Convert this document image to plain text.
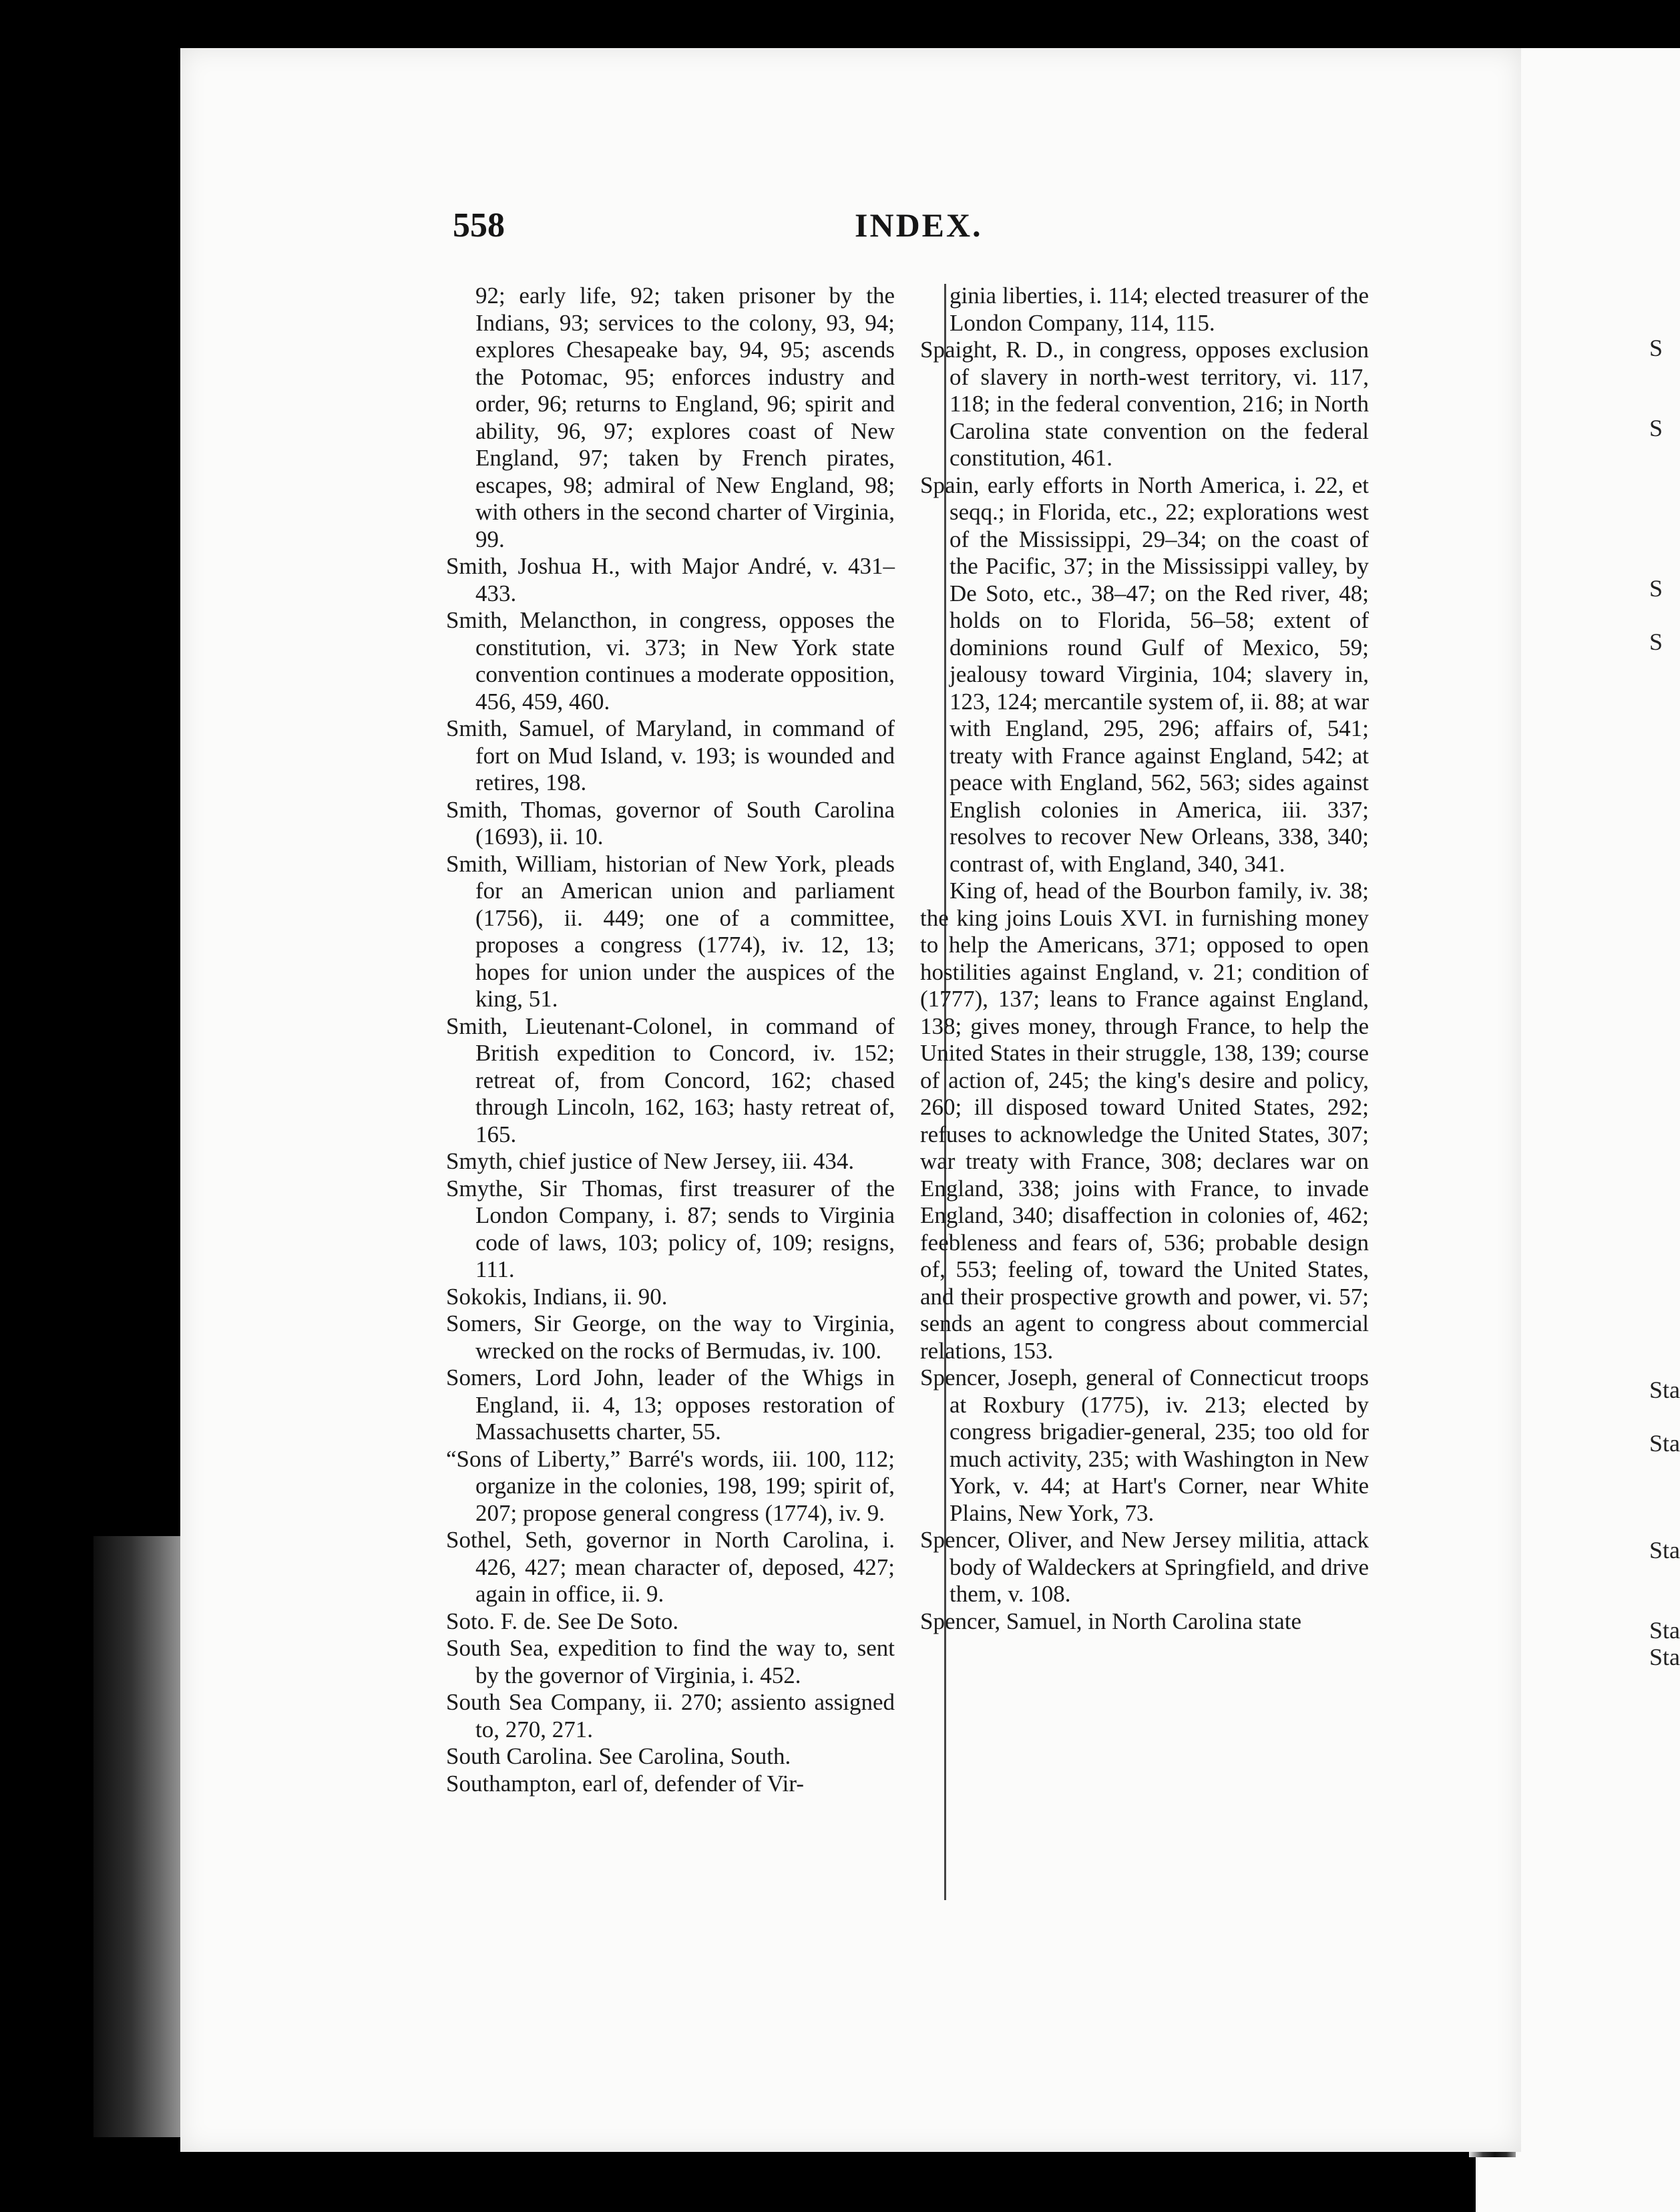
558	INDEX.

92; early life, 92; taken prisoner by the Indians, 93; services to the colony, 93, 94; explores Chesapeake bay, 94, 95; ascends the Potomac, 95; enforces industry and order, 96; returns to England, 96; spirit and ability, 96, 97; explores coast of New England, 97; taken by French pirates, escapes, 98; admiral of New England, 98; with others in the second charter of Virginia, 99.

Smith, Joshua H., with Major André, v. 431–433.

Smith, Melancthon, in congress, opposes the constitution, vi. 373; in New York state convention continues a moderate opposition, 456, 459, 460.

Smith, Samuel, of Maryland, in command of fort on Mud Island, v. 193; is wounded and retires, 198.

Smith, Thomas, governor of South Carolina (1693), ii. 10.

Smith, William, historian of New York, pleads for an American union and parliament (1756), ii. 449; one of a committee, proposes a congress (1774), iv. 12, 13; hopes for union under the auspices of the king, 51.

Smith, Lieutenant-Colonel, in command of British expedition to Concord, iv. 152; retreat of, from Concord, 162; chased through Lincoln, 162, 163; hasty retreat of, 165.

Smyth, chief justice of New Jersey, iii. 434.

Smythe, Sir Thomas, first treasurer of the London Company, i. 87; sends to Virginia code of laws, 103; policy of, 109; resigns, 111.

Sokokis, Indians, ii. 90.

Somers, Sir George, on the way to Virginia, wrecked on the rocks of Bermudas, iv. 100.

Somers, Lord John, leader of the Whigs in England, ii. 4, 13; opposes restoration of Massachusetts charter, 55.

“Sons of Liberty,” Barré's words, iii. 100, 112; organize in the colonies, 198, 199; spirit of, 207; propose general congress (1774), iv. 9.

Sothel, Seth, governor in North Carolina, i. 426, 427; mean character of, deposed, 427; again in office, ii. 9.

Soto. F. de. See De Soto.

South Sea, expedition to find the way to, sent by the governor of Virginia, i. 452.

South Sea Company, ii. 270; assiento assigned to, 270, 271.

South Carolina. See Carolina, South.

Southampton, earl of, defender of Vir-

ginia liberties, i. 114; elected treasurer of the London Company, 114, 115.

Spaight, R. D., in congress, opposes exclusion of slavery in north-west territory, vi. 117, 118; in the federal convention, 216; in North Carolina state convention on the federal constitution, 461.

Spain, early efforts in North America, i. 22, et seqq.; in Florida, etc., 22; explorations west of the Mississippi, 29–34; on the coast of the Pacific, 37; in the Mississippi valley, by De Soto, etc., 38–47; on the Red river, 48; holds on to Florida, 56–58; extent of dominions round Gulf of Mexico, 59; jealousy toward Virginia, 104; slavery in, 123, 124; mercantile system of, ii. 88; at war with England, 295, 296; affairs of, 541; treaty with France against England, 542; at peace with England, 562, 563; sides against English colonies in America, iii. 337; resolves to recover New Orleans, 338, 340; contrast of, with England, 340, 341.

King of, head of the Bourbon family, iv. 38; the king joins Louis XVI. in furnishing money to help the Americans, 371; opposed to open hostilities against England, v. 21; condition of (1777), 137; leans to France against England, 138; gives money, through France, to help the United States in their struggle, 138, 139; course of action of, 245; the king's desire and policy, 260; ill disposed toward United States, 292; refuses to acknowledge the United States, 307; war treaty with France, 308; declares war on England, 338; joins with France, to invade England, 340; disaffection in colonies of, 462; feebleness and fears of, 536; probable design of, 553; feeling of, toward the United States, and their prospective growth and power, vi. 57; sends an agent to congress about commercial relations, 153.

Spencer, Joseph, general of Connecticut troops at Roxbury (1775), iv. 213; elected by congress brigadier-general, 235; too old for much activity, 235; with Washington in New York, v. 44; at Hart's Corner, near White Plains, New York, 73.

Spencer, Oliver, and New Jersey militia, attack body of Waldeckers at Springfield, and drive them, v. 108.

Spencer, Samuel, in North Carolina state

S
S
S
S
Sta
Sta
Sta
Sta
Sta
